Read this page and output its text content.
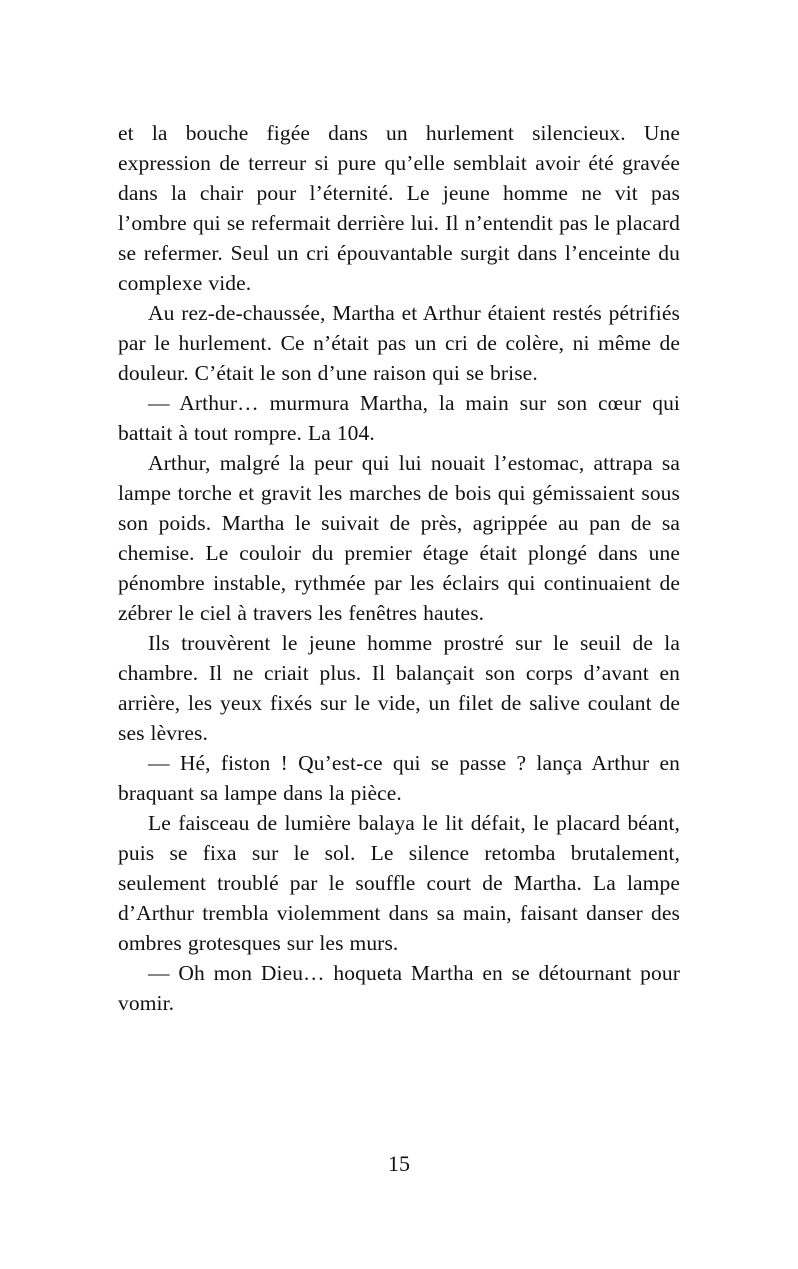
et la bouche figée dans un hurlement silencieux. Une expression de terreur si pure qu’elle semblait avoir été gravée dans la chair pour l’éternité. Le jeune homme ne vit pas l’ombre qui se refermait derrière lui. Il n’entendit pas le placard se refermer. Seul un cri épouvantable surgit dans l’enceinte du complexe vide.

Au rez-de-chaussée, Martha et Arthur étaient restés pétrifiés par le hurlement. Ce n’était pas un cri de colère, ni même de douleur. C’était le son d’une raison qui se brise.

— Arthur… murmura Martha, la main sur son cœur qui battait à tout rompre. La 104.

Arthur, malgré la peur qui lui nouait l’estomac, attrapa sa lampe torche et gravit les marches de bois qui gémissaient sous son poids. Martha le suivait de près, agrippée au pan de sa chemise. Le couloir du premier étage était plongé dans une pénombre instable, rythmée par les éclairs qui continuaient de zébrer le ciel à travers les fenêtres hautes.

Ils trouvèrent le jeune homme prostré sur le seuil de la chambre. Il ne criait plus. Il balançait son corps d’avant en arrière, les yeux fixés sur le vide, un filet de salive coulant de ses lèvres.

— Hé, fiston ! Qu’est-ce qui se passe ? lança Arthur en braquant sa lampe dans la pièce.

Le faisceau de lumière balaya le lit défait, le placard béant, puis se fixa sur le sol. Le silence retomba brutalement, seulement troublé par le souffle court de Martha. La lampe d’Arthur trembla violemment dans sa main, faisant danser des ombres grotesques sur les murs.

— Oh mon Dieu… hoqueta Martha en se détournant pour vomir.

15
